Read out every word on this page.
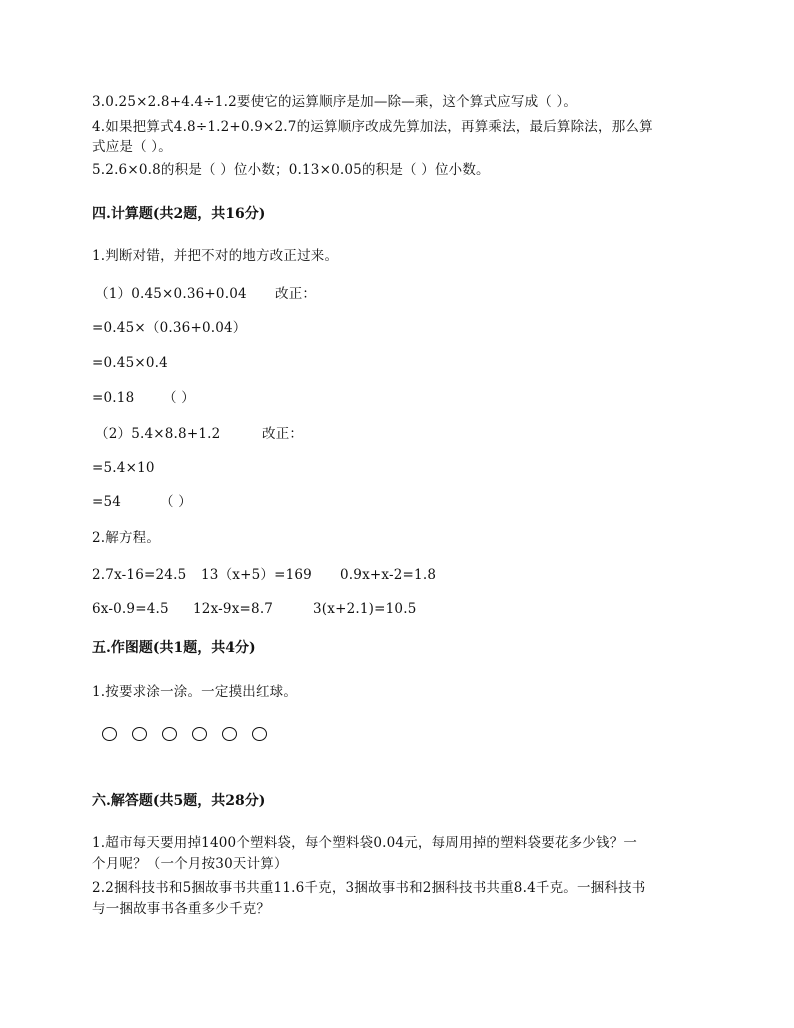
3.0.25×2.8+4.4÷1.2要使它的运算顺序是加—除—乘，这个算式应写成（ ）。
4.如果把算式4.8÷1.2+0.9×2.7的运算顺序改成先算加法，再算乘法，最后算除法，那么算
式应是（ ）。
5.2.6×0.8的积是（ ）位小数；0.13×0.05的积是（ ）位小数。
四.计算题(共2题，共16分)
1.判断对错，并把不对的地方改正过来。
（1）0.45×0.36+0.04 改正：
=0.45×（0.36+0.04）
=0.45×0.4
=0.18 （ ）
（2）5.4×8.8+1.2	改正：
=5.4×10
=54	（ ）
2.解方程。
2.7x-16=24.5 13（x+5）=169 0.9x+x-2=1.8
6x-0.9=4.5 12x-9x=8.7	3(x+2.1)=10.5
五.作图题(共1题，共4分)
1.按要求涂一涂。一定摸出红球。
六.解答题(共5题，共28分)
1.超市每天要用掉1400个塑料袋，每个塑料袋0.04元，每周用掉的塑料袋要花多少钱？一
个月呢？（一个月按30天计算）
2.2捆科技书和5捆故事书共重11.6千克，3捆故事书和2捆科技书共重8.4千克。一捆科技书
与一捆故事书各重多少千克？
